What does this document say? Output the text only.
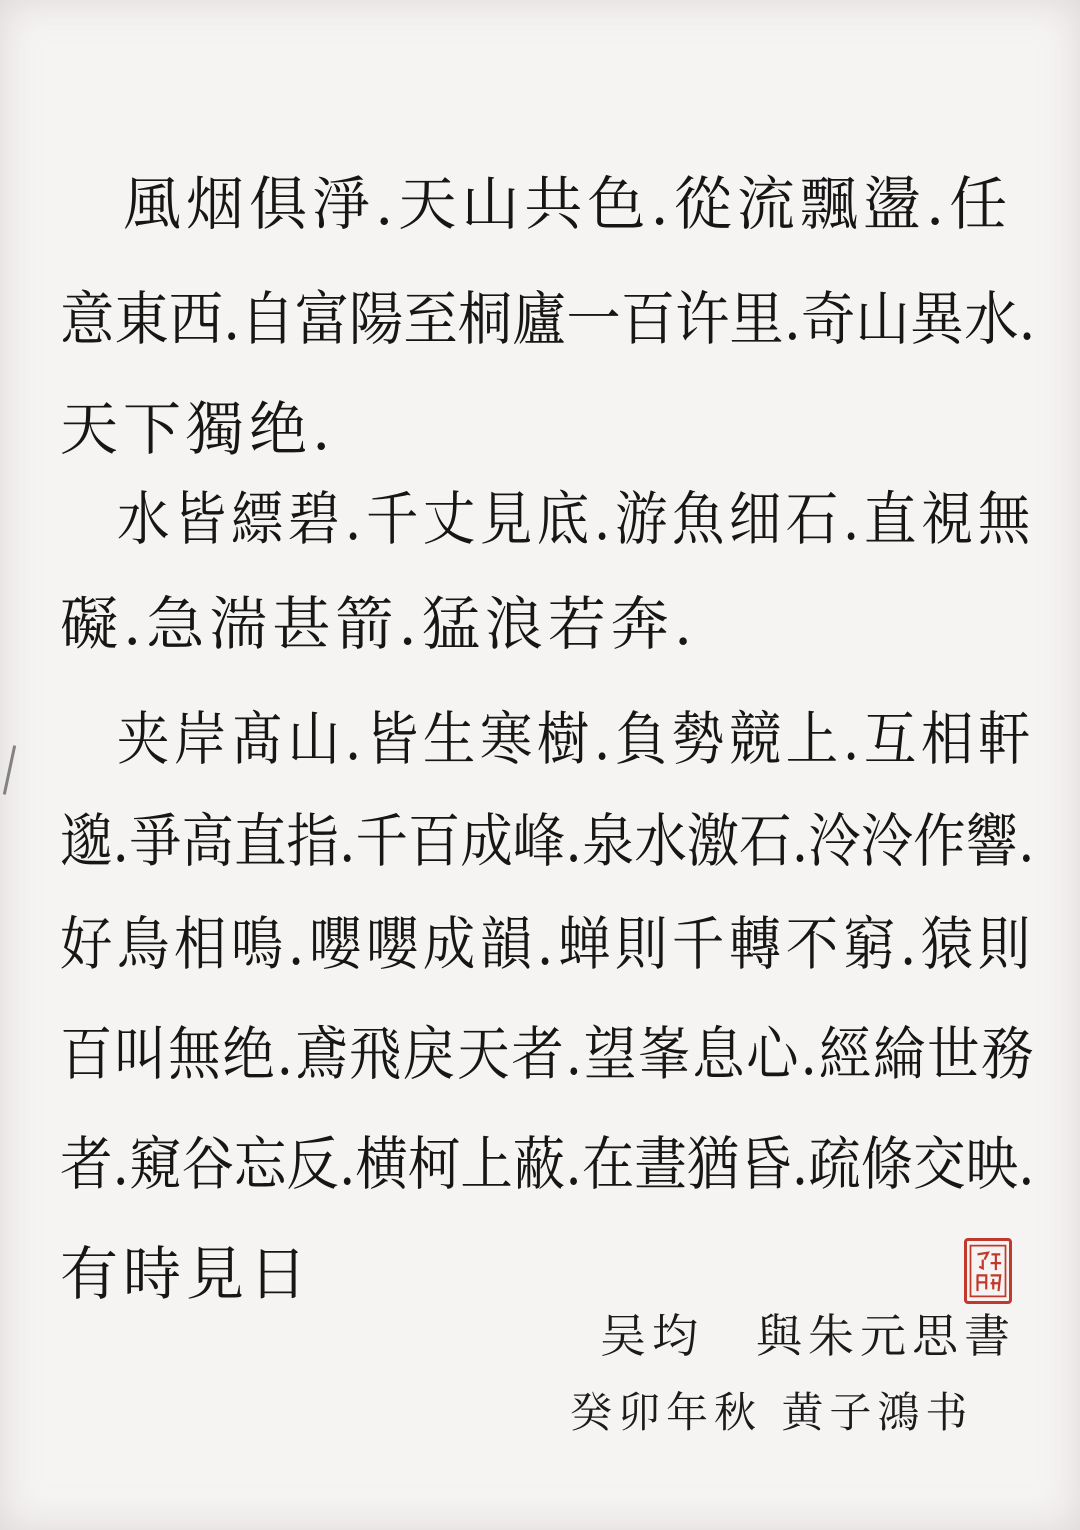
　風烟俱淨.天山共色.從流飄盪.任
意東西.自富陽至桐廬一百许里.奇山異水.
天下獨绝.
　水皆縹碧.千丈見底.游魚细石.直視無
礙.急湍甚箭.猛浪若奔.
　夹岸髙山.皆生寒樹.負勢競上.互相軒
邈.爭高直指.千百成峰.泉水激石.泠泠作響.
好鳥相鳴.嚶嚶成韻.蝉則千轉不窮.猿則
百叫無绝.鳶飛戾天者.望峯息心.經綸世務
者.窺谷忘反.横柯上蔽.在晝猶昏.疏條交映.
有時見日
吴均　與朱元思書
癸卯年秋 黄子鴻书
